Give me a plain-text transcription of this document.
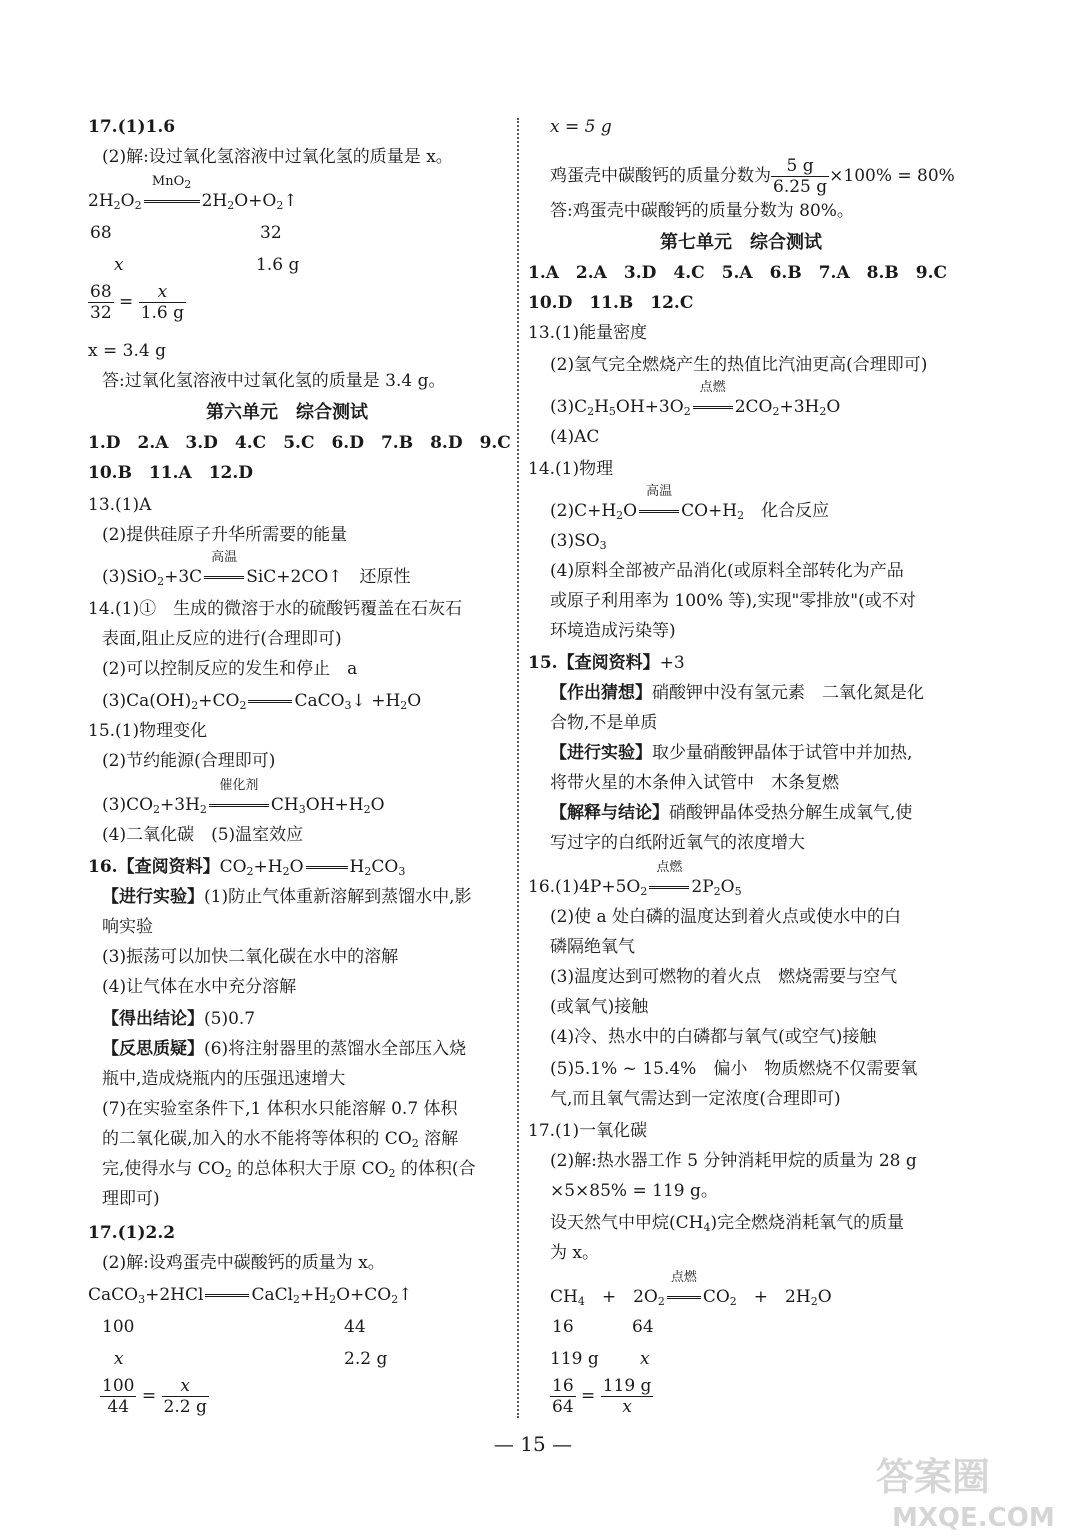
17.(1)1.6
(2)解:设过氧化氢溶液中过氧化氢的质量是 x。
$2H_2O_2$
MnO$_2$
$2H_2O+O_2↑$
68	32
x	1.6 g
$\frac{68}{32} = \frac{x}{1.6 g}$
x = 3.4 g
答:过氧化氢溶液中过氧化氢的质量是 3.4 g。
第六单元　综合测试
1.D　2.A　3.D　4.C　5.C　6.D　7.B　8.D　9.C
10.B　11.A　12.D
13.(1)A
(2)提供硅原子升华所需要的能量
(3)SiO$_2$+3C
高温
SiC+2CO↑　还原性
14.(1)①　生成的微溶于水的硫酸钙覆盖在石灰石
表面,阻止反应的进行(合理即可)
(2)可以控制反应的发生和停止　a
$(3)Ca(OH)_2+CO_2$	CaCO$_3$↓ $+H_2O$
15.(1)物理变化
(2)节约能源(合理即可)
$(3)CO_2+3H_2$
催化剂
$CH_3OH+H_2O$
(4)二氧化碳　(5)温室效应
16.【查阅资料】$CO_2+H_2O$	$H_2CO_3$
【进行实验】(1)防止气体重新溶解到蒸馏水中,影
响实验
(3)振荡可以加快二氧化碳在水中的溶解
(4)让气体在水中充分溶解
【得出结论】(5)0.7
【反思质疑】(6)将注射器里的蒸馏水全部压入烧
瓶中,造成烧瓶内的压强迅速增大
(7)在实验室条件下,1 体积水只能溶解 0.7 体积
的二氧化碳,加入的水不能将等体积的 $CO_2$ 溶解
完,使得水与 $CO_2$ 的总体积大于原 $CO_2$ 的体积(合
理即可)
17.(1)2.2
(2)解:设鸡蛋壳中碳酸钙的质量为 x。
CaCO$_3$+2HCl	$CaCl_2+H_2O+CO_2↑$
100	44
x	2.2 g
$\frac{100}{44} = \frac{x}{2.2 g}$
x = 5 g
鸡蛋壳中碳酸钙的质量分数为 $\frac{5 g}{6.25 g} \times 100\% = 80\%$
答:鸡蛋壳中碳酸钙的质量分数为 80%。
第七单元　综合测试
1.A　2.A　3.D　4.C　5.A　6.B　7.A　8.B　9.C
10.D　11.B　12.C
13.(1)能量密度
(2)氢气完全燃烧产生的热值比汽油更高(合理即可)
$(3)C_2H_5OH+3O_2$
点燃
$2CO_2+3H_2O$
(4)AC
14.(1)物理
$(2)C+H_2O$
高温
$CO+H_2$　化合反应
$(3)SO_3$
(4)原料全部被产品消化(或原料全部转化为产品
或原子利用率为 100% 等),实现"零排放"(或不对
环境造成污染等)
15.【查阅资料】+3
【作出猜想】硝酸钾中没有氢元素　二氧化氮是化
合物,不是单质
【进行实验】取少量硝酸钾晶体于试管中并加热,
将带火星的木条伸入试管中　木条复燃
【解释与结论】硝酸钾晶体受热分解生成氧气,使
写过字的白纸附近氧气的浓度增大
$16.(1)4P+5O_2$
点燃
$2P_2O_5$
(2)使 a 处白磷的温度达到着火点或使水中的白
磷隔绝氧气
(3)温度达到可燃物的着火点　燃烧需要与空气
(或氧气)接触
(4)冷、热水中的白磷都与氧气(或空气)接触
(5)5.1% ~ 15.4%　偏小　物质燃烧不仅需要氧
气,而且氧气需达到一定浓度(合理即可)
17.(1)一氧化碳
(2)解:热水器工作 5 分钟消耗甲烷的质量为 28 g
×5×85% = 119 g。
设天然气中甲烷$(CH_4)$完全燃烧消耗氧气的质量
为 x。
$CH_4$　+　$2O_2$
点燃
$CO_2$　+　$2H_2O$
16	64
119 g x
$\frac{16}{64} = \frac{119 g}{x}$
— 15 —
答案圈
MXQE.COM
